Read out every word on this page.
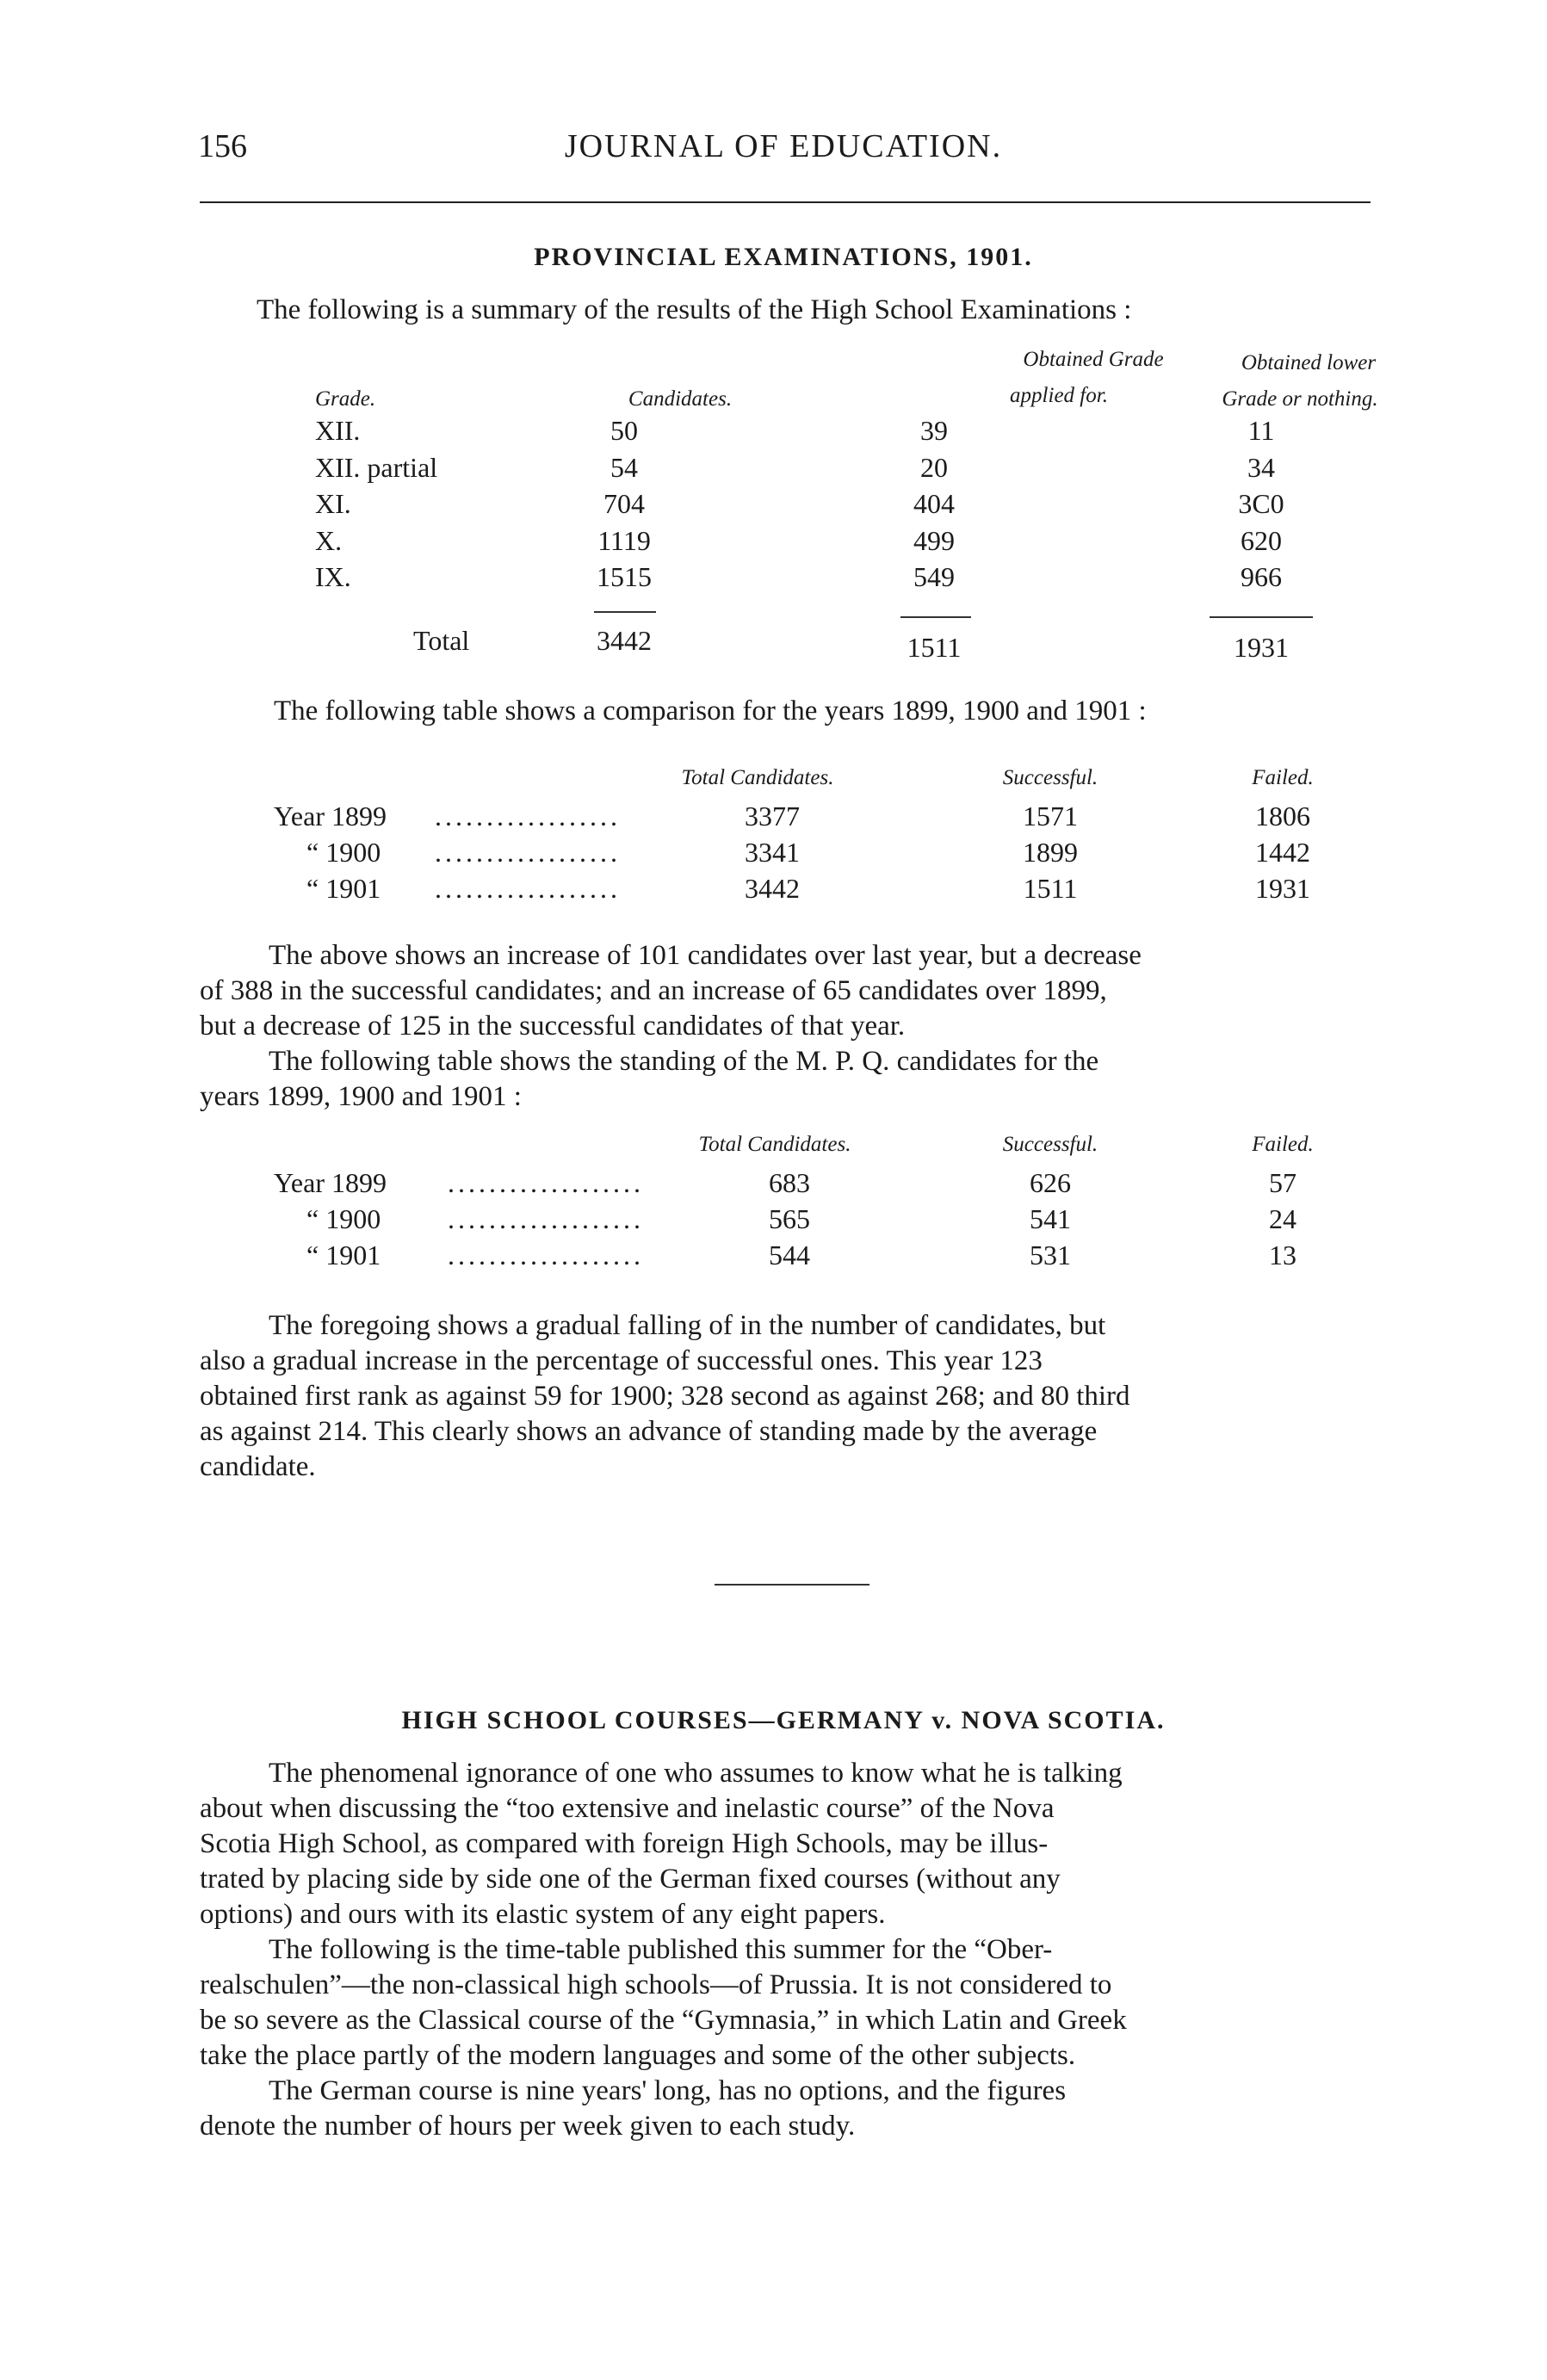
156	JOURNAL OF EDUCATION.
PROVINCIAL EXAMINATIONS, 1901.
The following is a summary of the results of the High School Examinations :
Obtained Grade	Obtained lower
Grade.	Candidates.	applied for.	Grade or nothing.
XII.	50	39	11
XII. partial	54	20	34
XI.	704	404	3C0
X.	1119	499	620
IX.	1515	549	966
Total	3442	1511	1931
The following table shows a comparison for the years 1899, 1900 and 1901 :
Total Candidates.	Successful.	Failed.
Year 1899 ..................	3377	1571	1806
“ 1900 ..................	3341	1899	1442
“ 1901 ..................	3442	1511	1931
The above shows an increase of 101 candidates over last year, but a decrease
of 388 in the successful candidates; and an increase of 65 candidates over 1899,
but a decrease of 125 in the successful candidates of that year.
The following table shows the standing of the M. P. Q. candidates for the
years 1899, 1900 and 1901 :
Total Candidates.	Successful.	Failed.
Year 1899 ...................	683	626	57
“ 1900 ...................	565	541	24
“ 1901 ...................	544	531	13
The foregoing shows a gradual falling of in the number of candidates, but
also a gradual increase in the percentage of successful ones. This year 123
obtained first rank as against 59 for 1900; 328 second as against 268; and 80 third
as against 214. This clearly shows an advance of standing made by the average
candidate.
HIGH SCHOOL COURSES—GERMANY v. NOVA SCOTIA.
The phenomenal ignorance of one who assumes to know what he is talking
about when discussing the “too extensive and inelastic course” of the Nova
Scotia High School, as compared with foreign High Schools, may be illus-
trated by placing side by side one of the German fixed courses (without any
options) and ours with its elastic system of any eight papers.
The following is the time-table published this summer for the “Ober-
realschulen”—the non-classical high schools—of Prussia. It is not considered to
be so severe as the Classical course of the “Gymnasia,” in which Latin and Greek
take the place partly of the modern languages and some of the other subjects.
The German course is nine years' long, has no options, and the figures
denote the number of hours per week given to each study.
